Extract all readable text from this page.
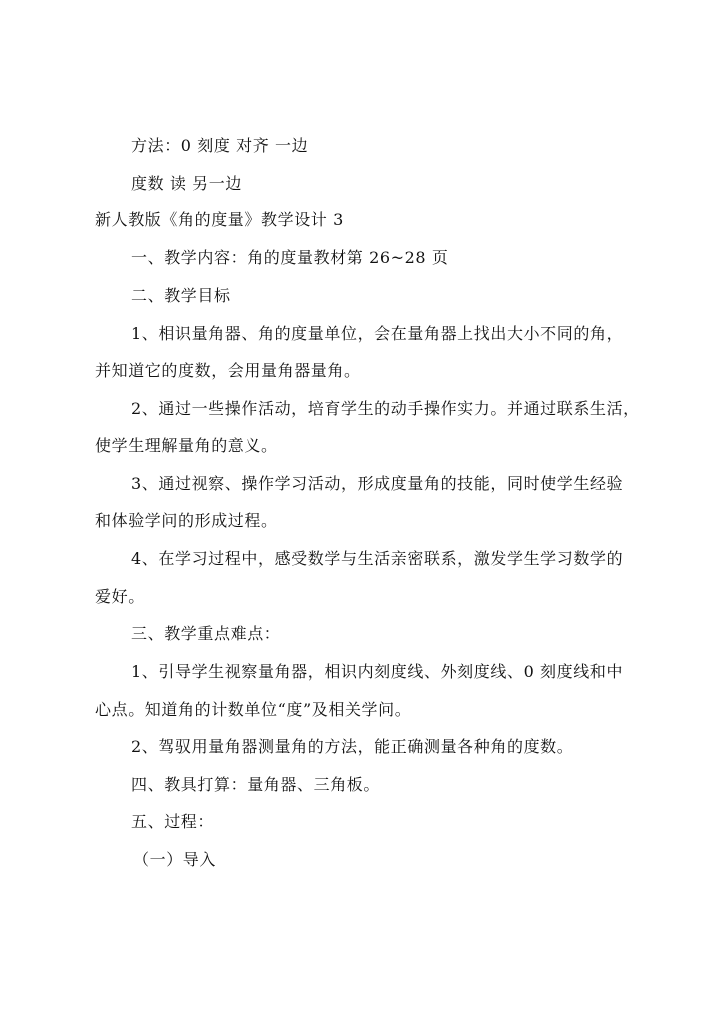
方法：0 刻度 对齐 一边
度数 读 另一边
新人教版《角的度量》教学设计 3
一、教学内容：角的度量教材第 26~28 页
二、教学目标
1、相识量角器、角的度量单位，会在量角器上找出大小不同的角，
并知道它的度数，会用量角器量角。
2、通过一些操作活动，培育学生的动手操作实力。并通过联系生活，
使学生理解量角的意义。
3、通过视察、操作学习活动，形成度量角的技能，同时使学生经验
和体验学问的形成过程。
4、在学习过程中，感受数学与生活亲密联系，激发学生学习数学的
爱好。
三、教学重点难点：
1、引导学生视察量角器，相识内刻度线、外刻度线、0 刻度线和中
心点。知道角的计数单位“度”及相关学问。
2、驾驭用量角器测量角的方法，能正确测量各种角的度数。
四、教具打算：量角器、三角板。
五、过程：
（一）导入
